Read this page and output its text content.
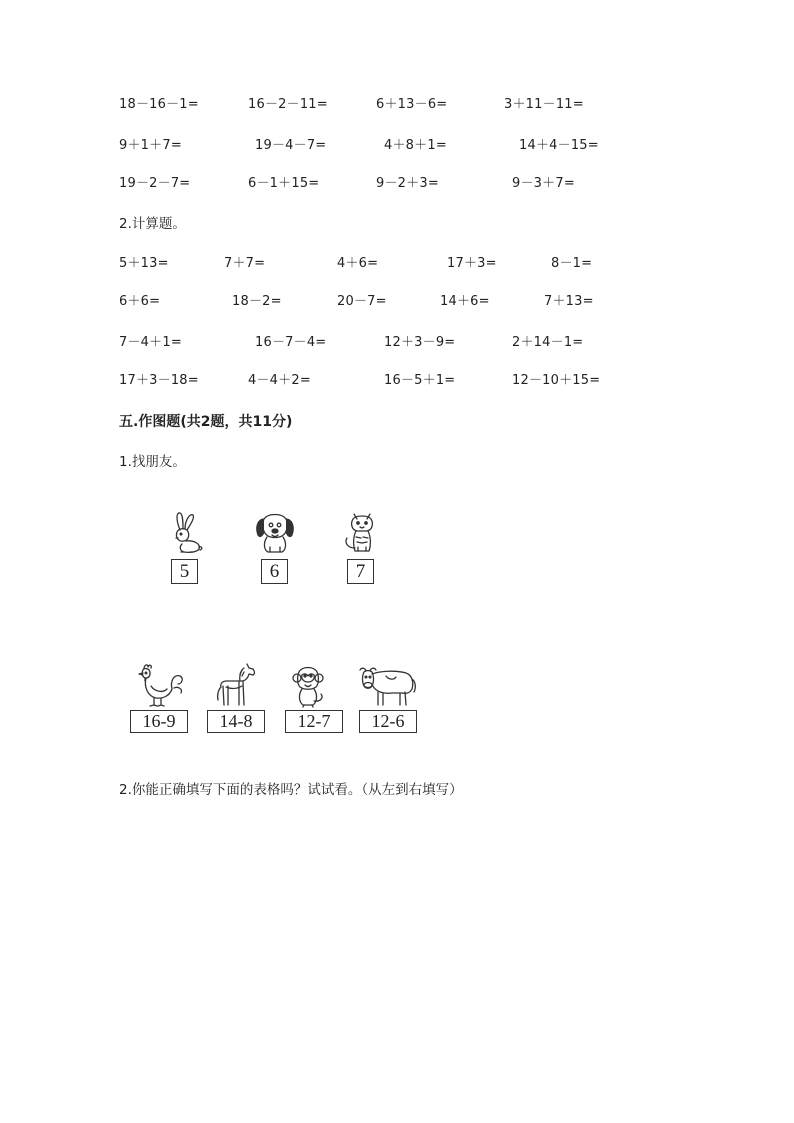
18－16－1=	16－2－11=	6＋13－6=	3＋11－11=
9＋1＋7=	19－4－7=	4＋8＋1=	14＋4－15=
19－2－7=	6－1＋15=	9－2＋3=	9－3＋7=
2.计算题。
5＋13=	7＋7=	4＋6=	17＋3=	8－1=
6＋6=	18－2=	20－7=	14＋6=	7＋13=
7－4＋1=	16－7－4=	12＋3－9=	2＋14－1=
17＋3－18=	4－4＋2=	16－5＋1=	12－10＋15=
五.作图题(共2题，共11分)
1.找朋友。
5	6	7
16-9	14-8	12-7	12-6
2.你能正确填写下面的表格吗？试试看。（从左到右填写）
